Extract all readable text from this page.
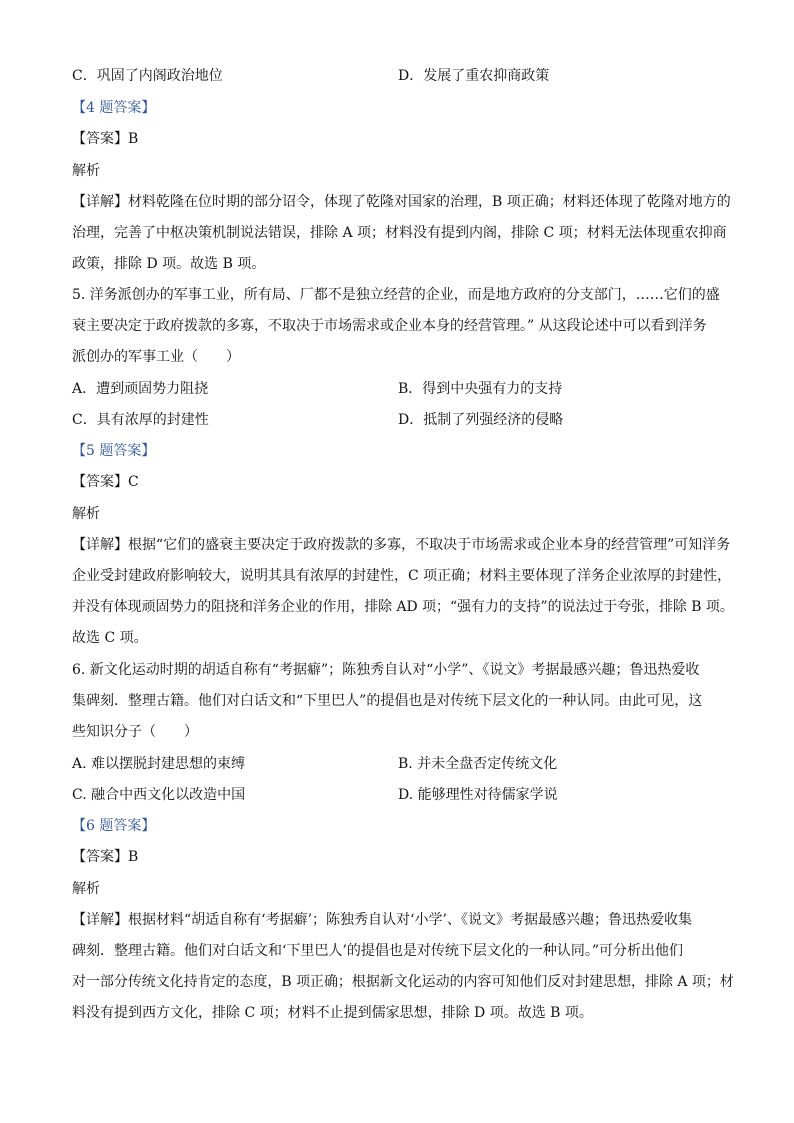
C．巩固了内阁政治地位	D．发展了重农抑商政策
【4 题答案】
【答案】B
解析
【详解】材料乾隆在位时期的部分诏令，体现了乾隆对国家的治理，B 项正确；材料还体现了乾隆对地方的
治理，完善了中枢决策机制说法错误，排除 A 项；材料没有提到内阁，排除 C 项；材料无法体现重农抑商
政策，排除 D 项。故选 B 项。
5. 洋务派创办的军事工业，所有局、厂都不是独立经营的企业，而是地方政府的分支部门，……它们的盛
衰主要决定于政府拨款的多寡，不取决于市场需求或企业本身的经营管理。” 从这段论述中可以看到洋务
派创办的军事工业（　　）
A．遭到顽固势力阻挠	B．得到中央强有力的支持
C．具有浓厚的封建性	D．抵制了列强经济的侵略
【5 题答案】
【答案】C
解析
【详解】根据“它们的盛衰主要决定于政府拨款的多寡，不取决于市场需求或企业本身的经营管理”可知洋务
企业受封建政府影响较大，说明其具有浓厚的封建性，C 项正确；材料主要体现了洋务企业浓厚的封建性，
并没有体现顽固势力的阻挠和洋务企业的作用，排除 AD 项；“强有力的支持”的说法过于夸张，排除 B 项。
故选 C 项。
6. 新文化运动时期的胡适自称有“考据癖”；陈独秀自认对“小学”、《说文》考据最感兴趣；鲁迅热爱收
集碑刻．整理古籍。他们对白话文和“下里巴人”的提倡也是对传统下层文化的一种认同。由此可见，这
些知识分子（　　）
A. 难以摆脱封建思想的束缚	B. 并未全盘否定传统文化
C. 融合中西文化以改造中国	D. 能够理性对待儒家学说
【6 题答案】
【答案】B
解析
【详解】根据材料“胡适自称有‘考据癖’；陈独秀自认对‘小学’、《说文》考据最感兴趣；鲁迅热爱收集
碑刻．整理古籍。他们对白话文和‘下里巴人’的提倡也是对传统下层文化的一种认同。”可分析出他们
对一部分传统文化持肯定的态度，B 项正确；根据新文化运动的内容可知他们反对封建思想，排除 A 项；材
料没有提到西方文化，排除 C 项；材料不止提到儒家思想，排除 D 项。故选 B 项。
